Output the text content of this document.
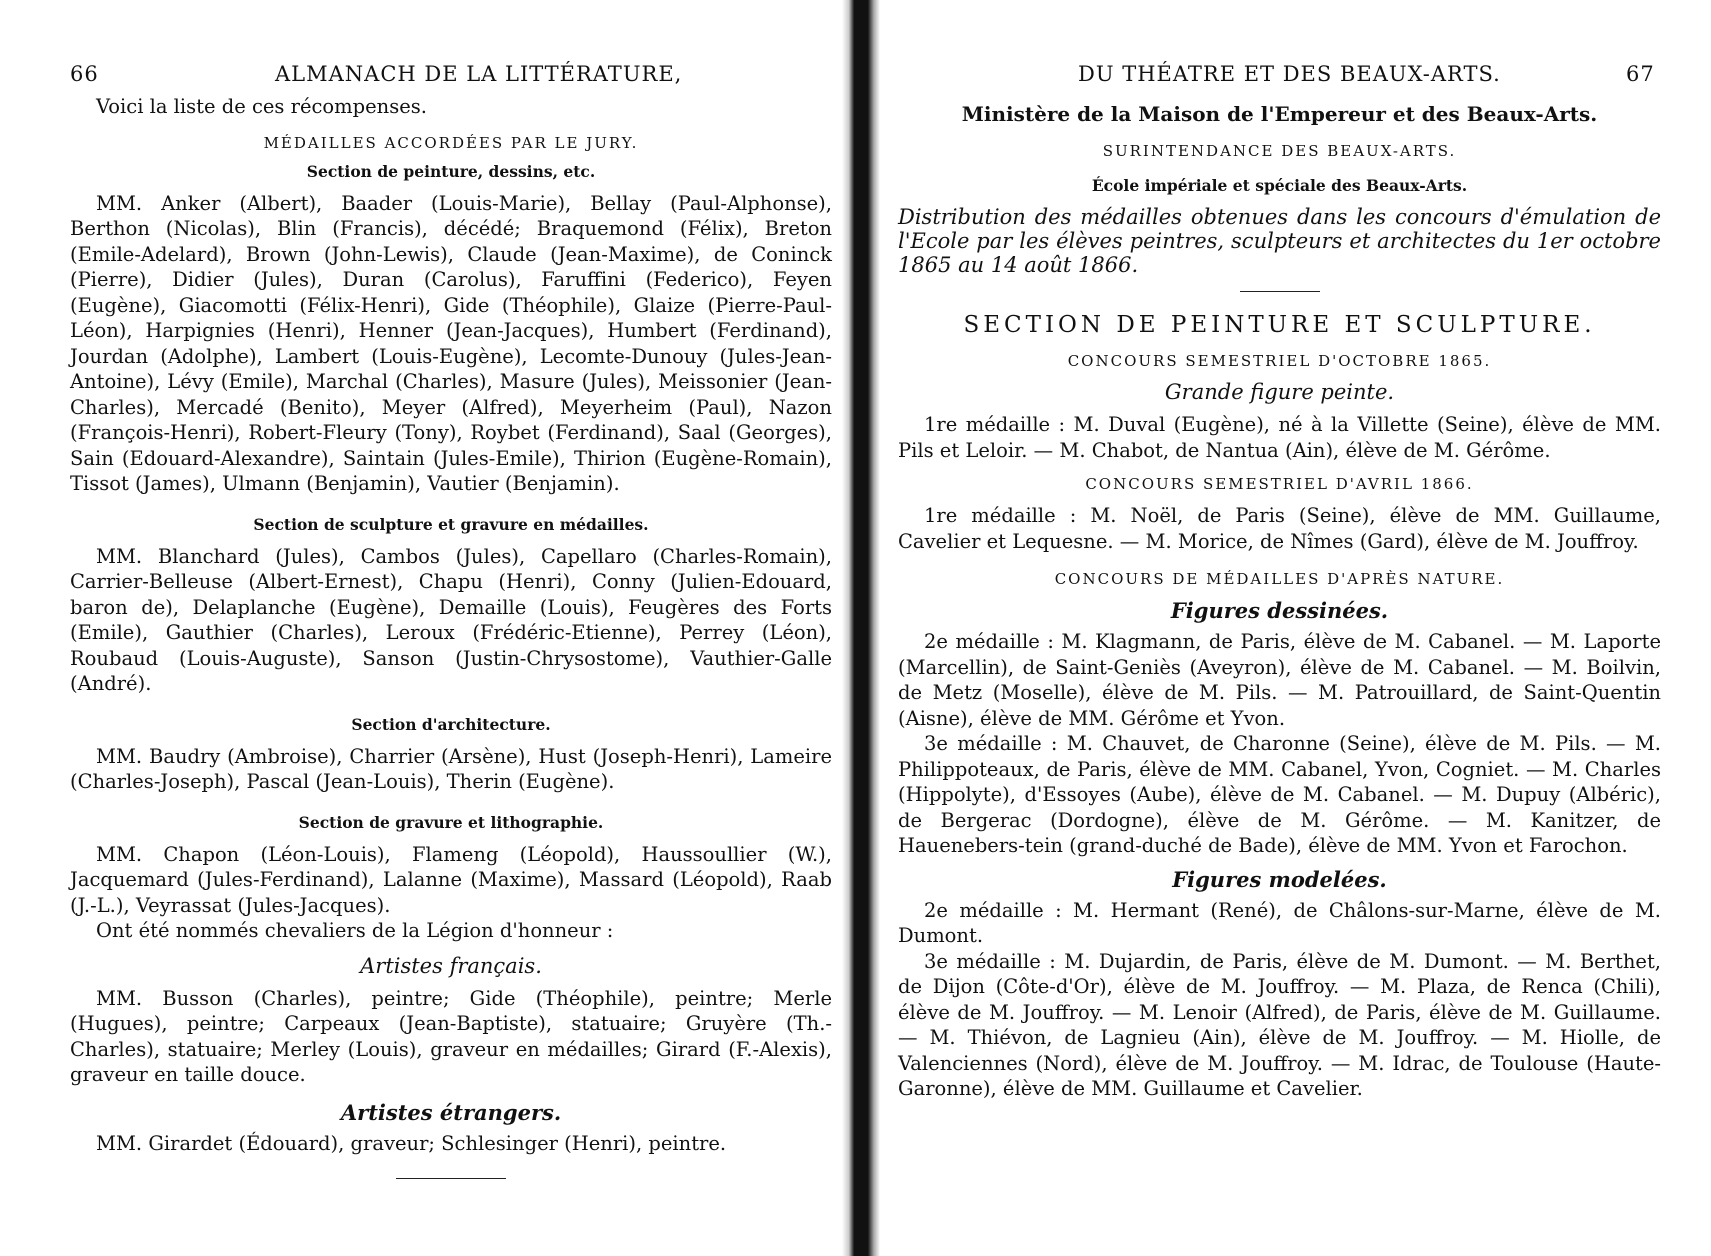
66	ALMANACH DE LA LITTÉRATURE,

Voici la liste de ces récompenses.

MÉDAILLES ACCORDÉES PAR LE JURY.
Section de peinture, dessins, etc.

MM. Anker (Albert), Baader (Louis-Marie), Bellay (Paul-Alphonse), Berthon (Nicolas), Blin (Francis), décédé; Braquemond (Félix), Breton (Emile-Adelard), Brown (John-Lewis), Claude (Jean-Maxime), de Coninck (Pierre), Didier (Jules), Duran (Carolus), Faruffini (Federico), Feyen (Eugène), Giacomotti (Félix-Henri), Gide (Théophile), Glaize (Pierre-Paul-Léon), Harpignies (Henri), Henner (Jean-Jacques), Humbert (Ferdinand), Jourdan (Adolphe), Lambert (Louis-Eugène), Lecomte-Dunouy (Jules-Jean-Antoine), Lévy (Emile), Marchal (Charles), Masure (Jules), Meissonier (Jean-Charles), Mercadé (Benito), Meyer (Alfred), Meyerheim (Paul), Nazon (François-Henri), Robert-Fleury (Tony), Roybet (Ferdinand), Saal (Georges), Sain (Edouard-Alexandre), Saintain (Jules-Emile), Thirion (Eugène-Romain), Tissot (James), Ulmann (Benjamin), Vautier (Benjamin).

Section de sculpture et gravure en médailles.

MM. Blanchard (Jules), Cambos (Jules), Capellaro (Charles-Romain), Carrier-Belleuse (Albert-Ernest), Chapu (Henri), Conny (Julien-Edouard, baron de), Delaplanche (Eugène), Demaille (Louis), Feugères des Forts (Emile), Gauthier (Charles), Leroux (Frédéric-Etienne), Perrey (Léon), Roubaud (Louis-Auguste), Sanson (Justin-Chrysostome), Vauthier-Galle (André).

Section d'architecture.

MM. Baudry (Ambroise), Charrier (Arsène), Hust (Joseph-Henri), Lameire (Charles-Joseph), Pascal (Jean-Louis), Therin (Eugène).

Section de gravure et lithographie.

MM. Chapon (Léon-Louis), Flameng (Léopold), Haussoullier (W.), Jacquemard (Jules-Ferdinand), Lalanne (Maxime), Massard (Léopold), Raab (J.-L.), Veyrassat (Jules-Jacques).

Ont été nommés chevaliers de la Légion d'honneur :

Artistes français.

MM. Busson (Charles), peintre; Gide (Théophile), peintre; Merle (Hugues), peintre; Carpeaux (Jean-Baptiste), statuaire; Gruyère (Th.-Charles), statuaire; Merley (Louis), graveur en médailles; Girard (F.-Alexis), graveur en taille douce.

Artistes étrangers.

MM. Girardet (Édouard), graveur; Schlesinger (Henri), peintre.

DU THÉATRE ET DES BEAUX-ARTS.	67
Ministère de la Maison de l'Empereur et des Beaux-Arts.
SURINTENDANCE DES BEAUX-ARTS.
École impériale et spéciale des Beaux-Arts.

Distribution des médailles obtenues dans les concours d'émulation de l'Ecole par les élèves peintres, sculpteurs et architectes du 1er octobre 1865 au 14 août 1866.

SECTION DE PEINTURE ET SCULPTURE.
CONCOURS SEMESTRIEL D'OCTOBRE 1865.
Grande figure peinte.

1re médaille : M. Duval (Eugène), né à la Villette (Seine), élève de MM. Pils et Leloir. — M. Chabot, de Nantua (Ain), élève de M. Gérôme.

CONCOURS SEMESTRIEL D'AVRIL 1866.

1re médaille : M. Noël, de Paris (Seine), élève de MM. Guillaume, Cavelier et Lequesne. — M. Morice, de Nîmes (Gard), élève de M. Jouffroy.

CONCOURS DE MÉDAILLES D'APRÈS NATURE.
Figures dessinées.

2e médaille : M. Klagmann, de Paris, élève de M. Cabanel. — M. Laporte (Marcellin), de Saint-Geniès (Aveyron), élève de M. Cabanel. — M. Boilvin, de Metz (Moselle), élève de M. Pils. — M. Patrouillard, de Saint-Quentin (Aisne), élève de MM. Gérôme et Yvon.

3e médaille : M. Chauvet, de Charonne (Seine), élève de M. Pils. — M. Philippoteaux, de Paris, élève de MM. Cabanel, Yvon, Cogniet. — M. Charles (Hippolyte), d'Essoyes (Aube), élève de M. Cabanel. — M. Dupuy (Albéric), de Bergerac (Dordogne), élève de M. Gérôme. — M. Kanitzer, de Hauenebers-tein (grand-duché de Bade), élève de MM. Yvon et Farochon.

Figures modelées.

2e médaille : M. Hermant (René), de Châlons-sur-Marne, élève de M. Dumont.

3e médaille : M. Dujardin, de Paris, élève de M. Dumont. — M. Berthet, de Dijon (Côte-d'Or), élève de M. Jouffroy. — M. Plaza, de Renca (Chili), élève de M. Jouffroy. — M. Lenoir (Alfred), de Paris, élève de M. Guillaume. — M. Thiévon, de Lagnieu (Ain), élève de M. Jouffroy. — M. Hiolle, de Valenciennes (Nord), élève de M. Jouffroy. — M. Idrac, de Toulouse (Haute-Garonne), élève de MM. Guillaume et Cavelier.
